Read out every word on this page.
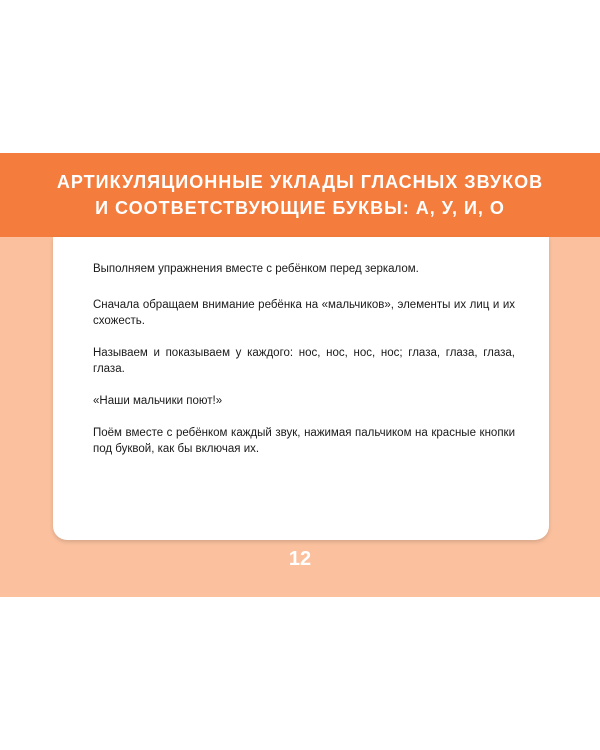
АРТИКУЛЯЦИОННЫЕ УКЛАДЫ ГЛАСНЫХ ЗВУКОВ
И СООТВЕТСТВУЮЩИЕ БУКВЫ: А, У, И, О

Выполняем упражнения вместе с ребёнком перед зеркалом.

Сначала обращаем внимание ребёнка на «мальчиков», элементы их лиц и их схожесть.

Называем и показываем у каждого: нос, нос, нос, нос; глаза, глаза, глаза, глаза.

«Наши мальчики поют!»

Поём вместе с ребёнком каждый звук, нажимая пальчиком на красные кнопки под буквой, как бы включая их.

12
